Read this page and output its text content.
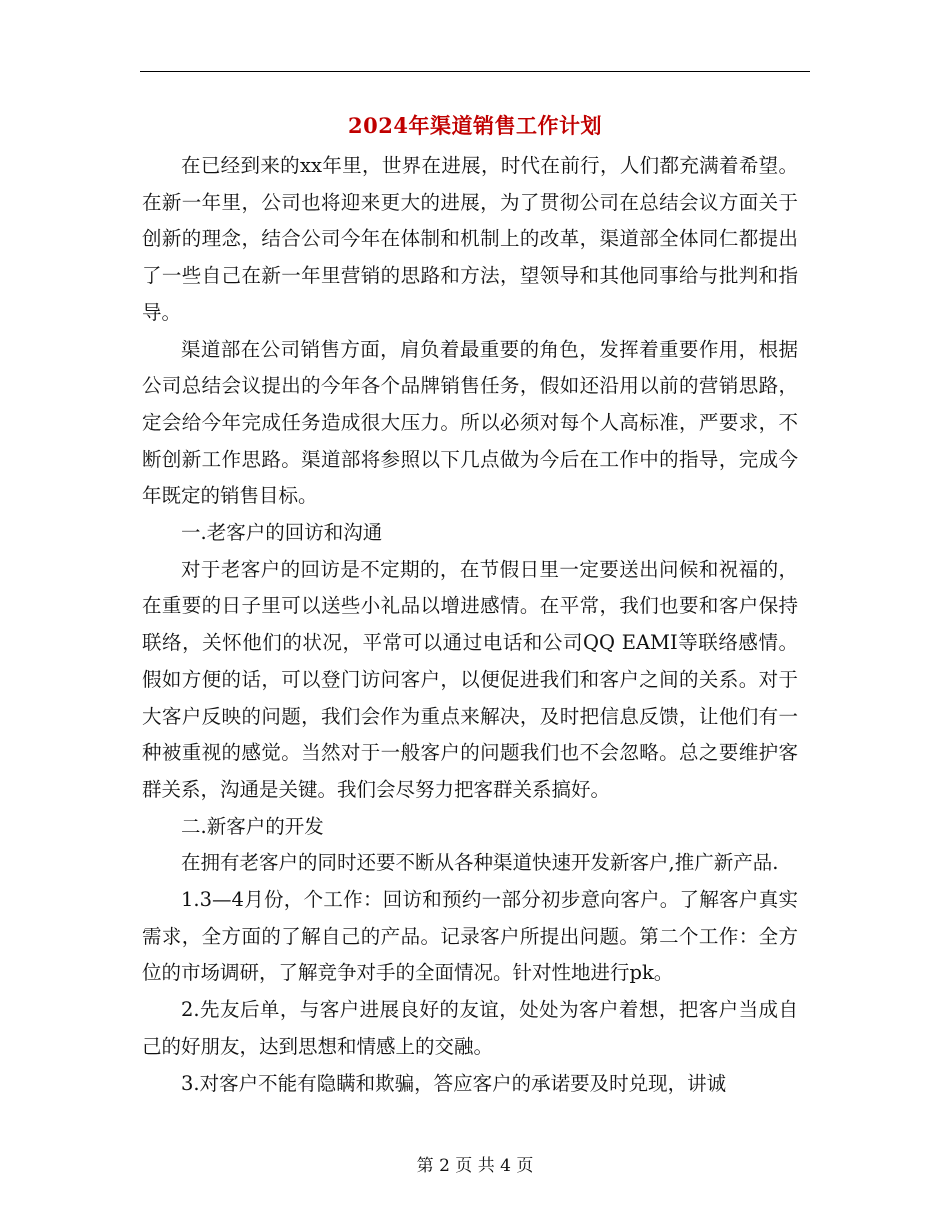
2024年渠道销售工作计划

在已经到来的xx年里，世界在进展，时代在前行，人们都充满着希望。在新一年里，公司也将迎来更大的进展，为了贯彻公司在总结会议方面关于创新的理念，结合公司今年在体制和机制上的改革，渠道部全体同仁都提出了一些自己在新一年里营销的思路和方法，望领导和其他同事给与批判和指导。

渠道部在公司销售方面，肩负着最重要的角色，发挥着重要作用，根据公司总结会议提出的今年各个品牌销售任务，假如还沿用以前的营销思路，定会给今年完成任务造成很大压力。所以必须对每个人高标准，严要求，不断创新工作思路。渠道部将参照以下几点做为今后在工作中的指导，完成今年既定的销售目标。

一.老客户的回访和沟通

对于老客户的回访是不定期的，在节假日里一定要送出问候和祝福的，在重要的日子里可以送些小礼品以增进感情。在平常，我们也要和客户保持联络，关怀他们的状况，平常可以通过电话和公司QQ EAMI等联络感情。假如方便的话，可以登门访问客户，以便促进我们和客户之间的关系。对于大客户反映的问题，我们会作为重点来解决，及时把信息反馈，让他们有一种被重视的感觉。当然对于一般客户的问题我们也不会忽略。总之要维护客群关系，沟通是关键。我们会尽努力把客群关系搞好。

二.新客户的开发

在拥有老客户的同时还要不断从各种渠道快速开发新客户,推广新产品.

1.3—4月份，个工作：回访和预约一部分初步意向客户。了解客户真实需求，全方面的了解自己的产品。记录客户所提出问题。第二个工作：全方位的市场调研，了解竞争对手的全面情况。针对性地进行pk。

2.先友后单，与客户进展良好的友谊，处处为客户着想，把客户当成自己的好朋友，达到思想和情感上的交融。

3.对客户不能有隐瞒和欺骗，答应客户的承诺要及时兑现，讲诚

第 2 页 共 4 页
